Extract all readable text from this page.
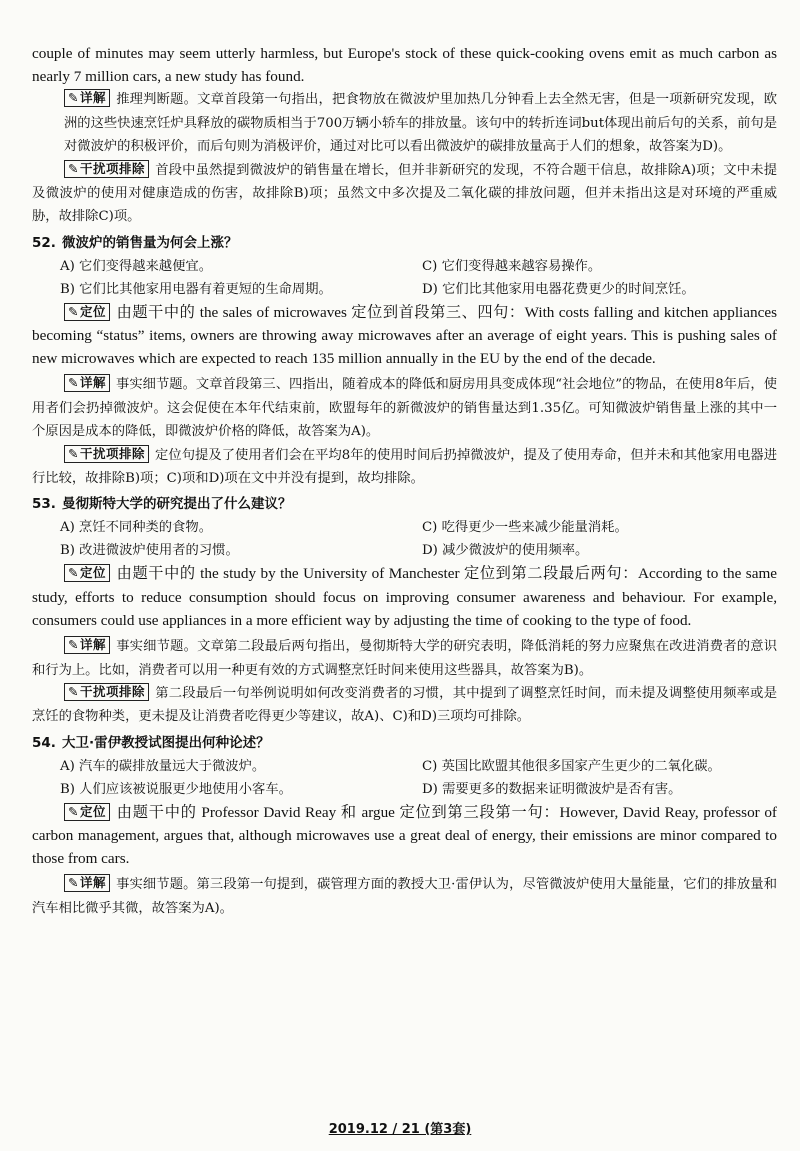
couple of minutes may seem utterly harmless, but Europe's stock of these quick-cooking ovens emit as much carbon as nearly 7 million cars, a new study has found.

✎详解 推理判断题。文章首段第一句指出，把食物放在微波炉里加热几分钟看上去全然无害，但是一项新研究发现，欧洲的这些快速烹饪炉具释放的碳物质相当于700万辆小轿车的排放量。该句中的转折连词but体现出前后句的关系，前句是对微波炉的积极评价，而后句则为消极评价，通过对比可以看出微波炉的碳排放量高于人们的想象，故答案为D)。

✎干扰项排除 首段中虽然提到微波炉的销售量在增长，但并非新研究的发现，不符合题干信息，故排除A)项；文中未提及微波炉的使用对健康造成的伤害，故排除B)项；虽然文中多次提及二氧化碳的排放问题，但并未指出这是对环境的严重威胁，故排除C)项。

52. 微波炉的销售量为何会上涨？
A) 它们变得越来越便宜。	C) 它们变得越来越容易操作。
B) 它们比其他家用电器有着更短的生命周期。	D) 它们比其他家用电器花费更少的时间烹饪。

✎定位 由题干中的 the sales of microwaves 定位到首段第三、四句：With costs falling and kitchen appliances becoming “status” items, owners are throwing away microwaves after an average of eight years. This is pushing sales of new microwaves which are expected to reach 135 million annually in the EU by the end of the decade.

✎详解 事实细节题。文章首段第三、四指出，随着成本的降低和厨房用具变成体现“社会地位”的物品，在使用8年后，使用者们会扔掉微波炉。这会促使在本年代结束前，欧盟每年的新微波炉的销售量达到1.35亿。可知微波炉销售量上涨的其中一个原因是成本的降低，即微波炉价格的降低，故答案为A)。

✎干扰项排除 定位句提及了使用者们会在平均8年的使用时间后扔掉微波炉，提及了使用寿命，但并未和其他家用电器进行比较，故排除B)项；C)项和D)项在文中并没有提到，故均排除。

53. 曼彻斯特大学的研究提出了什么建议？
A) 烹饪不同种类的食物。	C) 吃得更少一些来减少能量消耗。
B) 改进微波炉使用者的习惯。	D) 减少微波炉的使用频率。

✎定位 由题干中的 the study by the University of Manchester 定位到第二段最后两句：According to the same study, efforts to reduce consumption should focus on improving consumer awareness and behaviour. For example, consumers could use appliances in a more efficient way by adjusting the time of cooking to the type of food.

✎详解 事实细节题。文章第二段最后两句指出，曼彻斯特大学的研究表明，降低消耗的努力应聚焦在改进消费者的意识和行为上。比如，消费者可以用一种更有效的方式调整烹饪时间来使用这些器具，故答案为B)。

✎干扰项排除 第二段最后一句举例说明如何改变消费者的习惯，其中提到了调整烹饪时间，而未提及调整使用频率或是烹饪的食物种类，更未提及让消费者吃得更少等建议，故A)、C)和D)三项均可排除。

54. 大卫·雷伊教授试图提出何种论述？
A) 汽车的碳排放量远大于微波炉。	C) 英国比欧盟其他很多国家产生更少的二氧化碳。
B) 人们应该被说服更少地使用小客车。	D) 需要更多的数据来证明微波炉是否有害。

✎定位 由题干中的 Professor David Reay 和 argue 定位到第三段第一句：However, David Reay, professor of carbon management, argues that, although microwaves use a great deal of energy, their emissions are minor compared to those from cars.

✎详解 事实细节题。第三段第一句提到，碳管理方面的教授大卫·雷伊认为，尽管微波炉使用大量能量，它们的排放量和汽车相比微乎其微，故答案为A)。

2019.12 / 21 (第3套)
